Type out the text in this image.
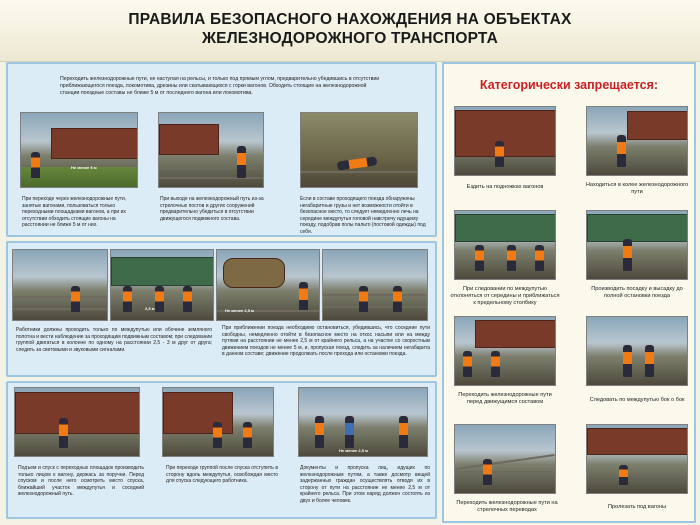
ПРАВИЛА БЕЗОПАСНОГО НАХОЖДЕНИЯ НА ОБЪЕКТАХ
ЖЕЛЕЗНОДОРОЖНОГО ТРАНСПОРТА
Переходить железнодорожные пути, не наступая на рельсы, и только под прямым углом, предварительно убедившись в отсутствии приближающегося поезда, локомотива, дрезины или скатывающихся с горки вагонов. Обходить стоящие на железнодорожной станции поездные составы не ближе 5 м от последнего вагона или локомотива.
Не менее 5 м
При переходе через железнодорожные пути, занятые вагонами, пользоваться только переходными площадками вагонов, а при их отсутствии обходить стоящие вагоны на расстоянии не ближе 5 м от них.
При выходе на железнодорожный путь из-за стрелочных постов и других сооружений предварительно убедиться в отсутствии движущегося подвижного состава.
Если в составе проходящего поезда обнаружены негабаритные грузы и нет возможности отойти в безопасное место, то следует немедленно лечь на середине междупутья головой навстречу идущему поезду, подобрав полы пальто (постовой одежды) под себя.
2,5 м	Не менее 2,5 м
Работники должны проходить только по междупутью или обочине земляного полотна и вести наблюдение за проходящим подвижным составом; при следовании группой двигаться в колонне по одному на расстоянии 2,5 - 3 м друг от друга; следить за световыми и звуковыми сигналами.
При приближении поезда необходимо остановиться, убедившись, что соседние пути свободны, немедленно отойти в безопасное место на откос насыпи или на между путями на расстоянии не менее 2,5 м от крайнего рельса, а на участке со скоростным движением поездов не менее 5 м, и, пропуская поезд, следить за наличием негабарита в данном составе; движение продолжать после прохода или остановки поезда.
Не менее 2,5 м
Подъем и спуск с переходных площадок производить только лицом к вагону, держась за поручни. Перед спуском и после него осмотреть место спуска, ближайший участок междупутья и соседний железнодорожный путь.
При переходе группой после спуска отступить в сторону вдоль междупутья, освобождая место для спуска следующего работника.
Документы и пропуска лиц, идущих по железнодорожным путям, а также досмотр вещей задержанных граждан осуществлять отводя их в сторону от пути на расстояние не менее 2,5 м от крайнего рельса. При этом наряд должен состоять из двух и более человек.
Категорически запрещается:
Ездить на подножках вагонов	Находиться в колее железнодорожного пути
При следовании по междупутью отклоняться от середины и приближаться к предельному столбику
Производить посадку и высадку до полной остановки поезда
Переходить железнодорожные пути перед движущимся составом	Следовать по междупутью бок о бок
Переходить железнодорожные пути на стрелочных переводах	Пролезать под вагоны
